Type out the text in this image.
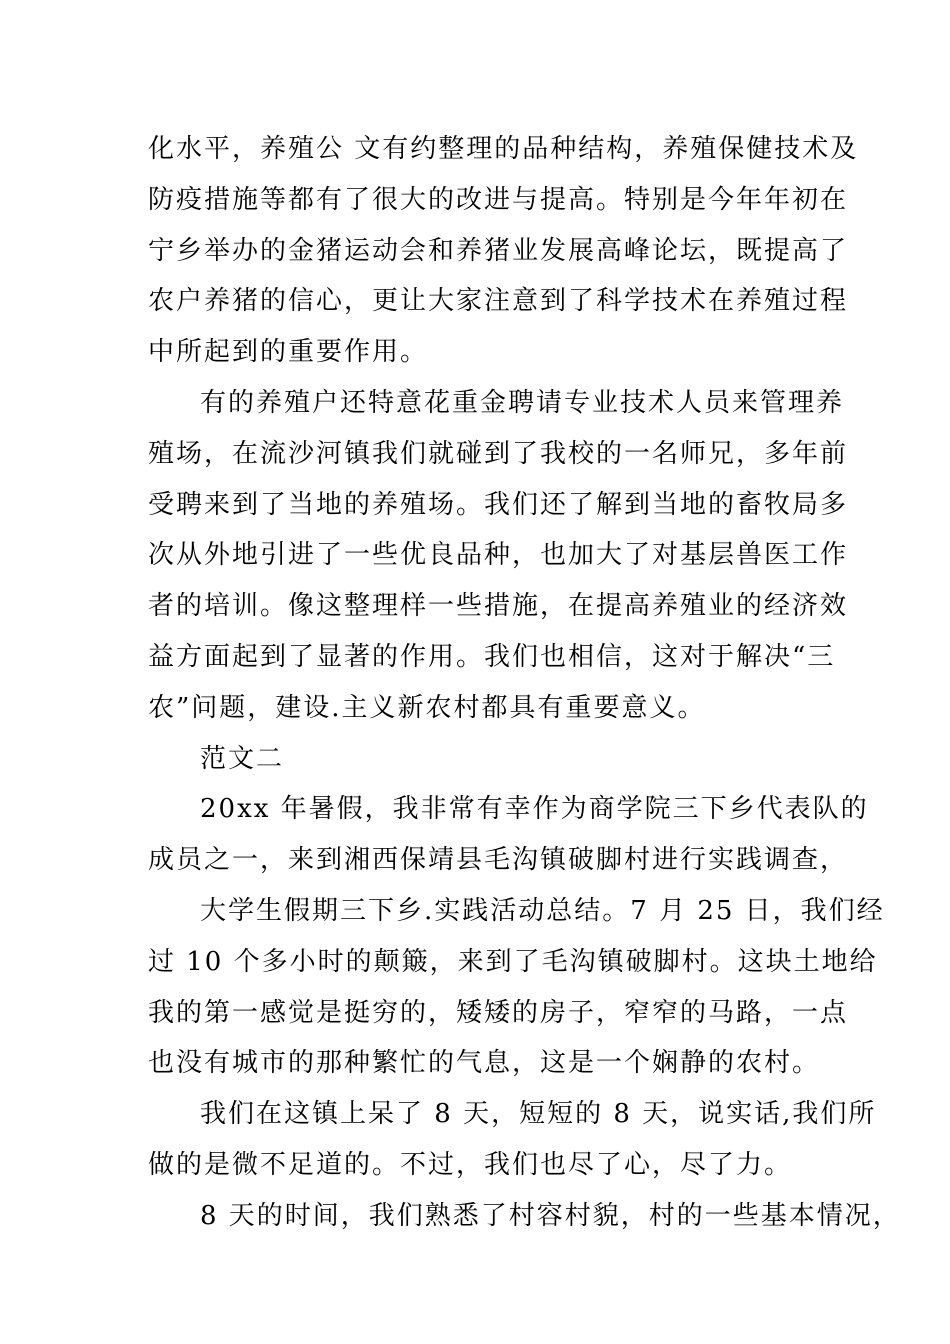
化水平，养殖公 文有约整理的品种结构，养殖保健技术及
防疫措施等都有了很大的改进与提高。特别是今年年初在
宁乡举办的金猪运动会和养猪业发展高峰论坛，既提高了
农户养猪的信心，更让大家注意到了科学技术在养殖过程
中所起到的重要作用。
有的养殖户还特意花重金聘请专业技术人员来管理养
殖场，在流沙河镇我们就碰到了我校的一名师兄，多年前
受聘来到了当地的养殖场。我们还了解到当地的畜牧局多
次从外地引进了一些优良品种，也加大了对基层兽医工作
者的培训。像这整理样一些措施，在提高养殖业的经济效
益方面起到了显著的作用。我们也相信，这对于解决“三
农”问题，建设.主义新农村都具有重要意义。
范文二
20xx 年暑假，我非常有幸作为商学院三下乡代表队的
成员之一，来到湘西保靖县毛沟镇破脚村进行实践调查，
大学生假期三下乡.实践活动总结。7 月 25 日，我们经
过 10 个多小时的颠簸，来到了毛沟镇破脚村。这块土地给
我的第一感觉是挺穷的，矮矮的房子，窄窄的马路，一点
也没有城市的那种繁忙的气息，这是一个娴静的农村。
我们在这镇上呆了 8 天，短短的 8 天，说实话,我们所
做的是微不足道的。不过，我们也尽了心，尽了力。
8 天的时间，我们熟悉了村容村貌，村的一些基本情况，
